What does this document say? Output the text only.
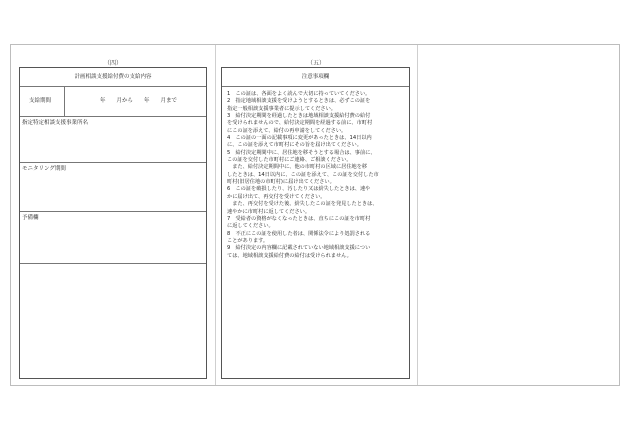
（四）
計画相談支援給付費の支給内容
支給期間	年　　月から　　年　　月まで
指定特定相談支援事業所名
モニタリング期間
予備欄
（五）
注意事項欄
1　この証は、各面をよく読んで大切に持っていてください。
2　指定地域相談支援を受けようとするときは、必ずこの証を
指定一般相談支援事業者に提示してください。
3　給付決定期間を経過したときは地域相談支援給付費の給付
を受けられませんので、給付決定期間を経過する前に、市町村
にこの証を添えて、給付の再申請をしてください。
4　この証の一面の記載事項に変更があったときは、14日以内
に、この証を添えて市町村にその旨を届け出てください。
5　給付決定期間中に、居住地を移そうとする場合は、事前に、
この証を交付した市町村にご連絡、ご相談ください。
　また、給付決定期間中に、他の市町村の区域に居住地を移
したときは、14日以内に、この証を添えて、この証を交付した市
町村(旧居住地の市町村)に届け出てください。
6　この証を破損したり、汚したり又は紛失したときは、速や
かに届け出て、再交付を受けてください。
　また、再交付を受けた後、紛失したこの証を発見したときは、
速やかに市町村に返してください。
7　受給者の資格がなくなったときは、直ちにこの証を市町村
に返してください。
8　不正にこの証を使用した者は、関係法令により処罰される
ことがあります。
9　給付決定の内容欄に記載されていない地域相談支援につい
ては、地域相談支援給付費の給付は受けられません。
